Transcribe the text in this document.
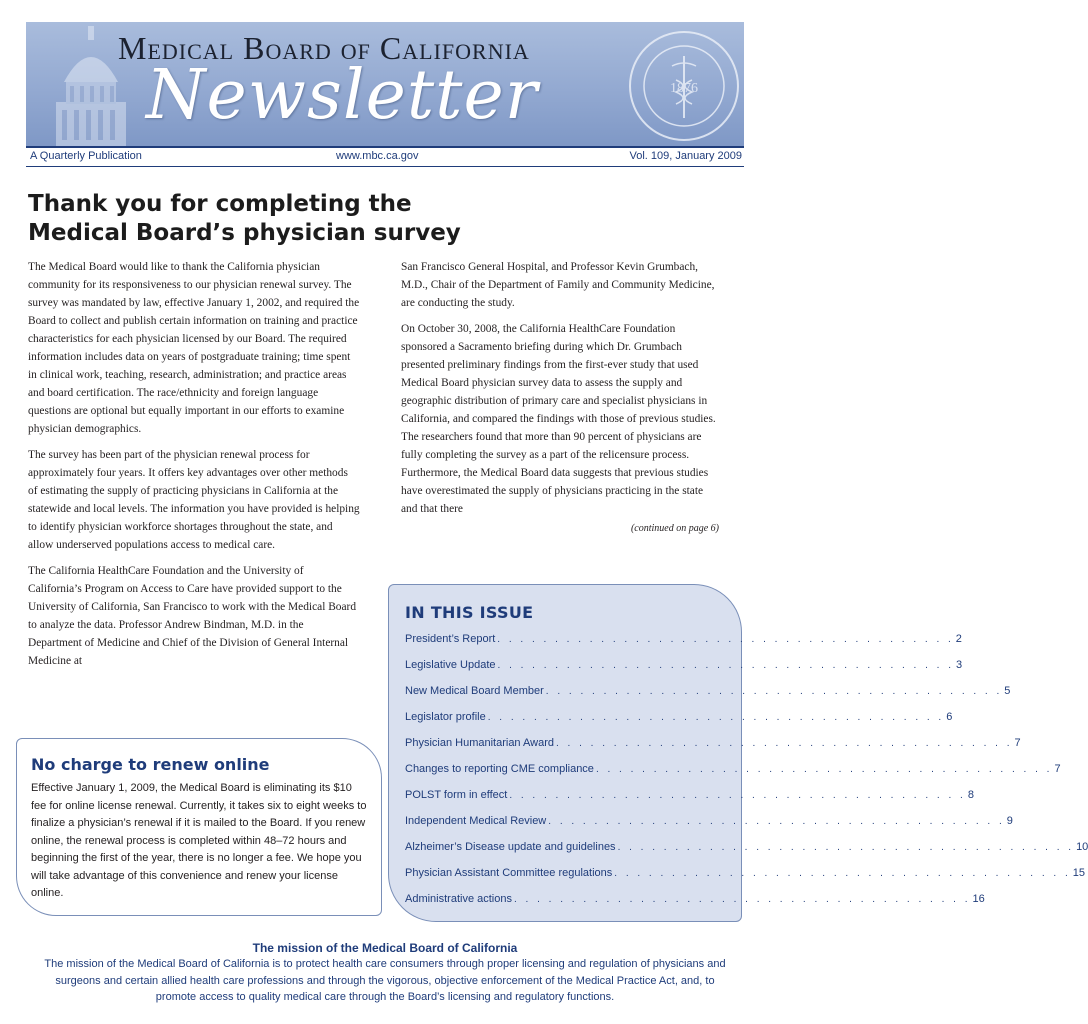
Medical Board of California
Newsletter	1876
A Quarterly Publication	www.mbc.ca.gov	Vol. 109, January 2009
Thank you for completing the
Medical Board’s physician survey

The Medical Board would like to thank the California physician community for its responsiveness to our physician renewal survey. The survey was mandated by law, effective January 1, 2002, and required the Board to collect and publish certain information on training and practice characteristics for each physician licensed by our Board. The required information includes data on years of postgraduate training; time spent in clinical work, teaching, research, administration; and practice areas and board certification. The race/ethnicity and foreign language questions are optional but equally important in our efforts to examine physician demographics.

The survey has been part of the physician renewal process for approximately four years. It offers key advantages over other methods of estimating the supply of practicing physicians in California at the statewide and local levels. The information you have provided is helping to identify physician workforce shortages throughout the state, and allow underserved populations access to medical care.

The California HealthCare Foundation and the University of California’s Program on Access to Care have provided support to the University of California, San Francisco to work with the Medical Board to analyze the data. Professor Andrew Bindman, M.D. in the Department of Medicine and Chief of the Division of General Internal Medicine at

San Francisco General Hospital, and Professor Kevin Grumbach, M.D., Chair of the Department of Family and Community Medicine, are conducting the study.

On October 30, 2008, the California HealthCare Foundation sponsored a Sacramento briefing during which Dr. Grumbach presented preliminary findings from the first-ever study that used Medical Board physician survey data to assess the supply and geographic distribution of primary care and specialist physicians in California, and compared the findings with those of previous studies. The researchers found that more than 90 percent of physicians are fully completing the survey as a part of the relicensure process. Furthermore, the Medical Board data suggests that previous studies have overestimated the supply of physicians practicing in the state and that there

(continued on page 6)
No charge to renew online
Effective January 1, 2009, the Medical Board is eliminating its $10 fee for online license renewal. Currently, it takes six to eight weeks to finalize a physician’s renewal if it is mailed to the Board. If you renew online, the renewal process is completed within 48–72 hours and beginning the first of the year, there is no longer a fee. We hope you will take advantage of this convenience and renew your license online.
IN THIS ISSUE
President’s Report . . . . . . . . . . . . . . . . . . . . . . . . . . . . . . . . . . . . . . . . 2
Legislative Update . . . . . . . . . . . . . . . . . . . . . . . . . . . . . . . . . . . . . . . . 3
New Medical Board Member . . . . . . . . . . . . . . . . . . . . . . . . . . . . . . . . . . . . . . . . 5
Legislator profile . . . . . . . . . . . . . . . . . . . . . . . . . . . . . . . . . . . . . . . . 6
Physician Humanitarian Award . . . . . . . . . . . . . . . . . . . . . . . . . . . . . . . . . . . . . . . . 7
Changes to reporting CME compliance . . . . . . . . . . . . . . . . . . . . . . . . . . . . . . . . . . . . . . . . 7
POLST form in effect . . . . . . . . . . . . . . . . . . . . . . . . . . . . . . . . . . . . . . . . 8
Independent Medical Review . . . . . . . . . . . . . . . . . . . . . . . . . . . . . . . . . . . . . . . . 9
Alzheimer’s Disease update and guidelines . . . . . . . . . . . . . . . . . . . . . . . . . . . . . . . . . . . . . . . . 10
Physician Assistant Committee regulations . . . . . . . . . . . . . . . . . . . . . . . . . . . . . . . . . . . . . . . . 15
Administrative actions . . . . . . . . . . . . . . . . . . . . . . . . . . . . . . . . . . . . . . . . 16
The mission of the Medical Board of California
The mission of the Medical Board of California is to protect health care consumers through proper licensing and regulation of physicians and surgeons and certain allied health care professions and through the vigorous, objective enforcement of the Medical Practice Act, and, to promote access to quality medical care through the Board’s licensing and regulatory functions.
